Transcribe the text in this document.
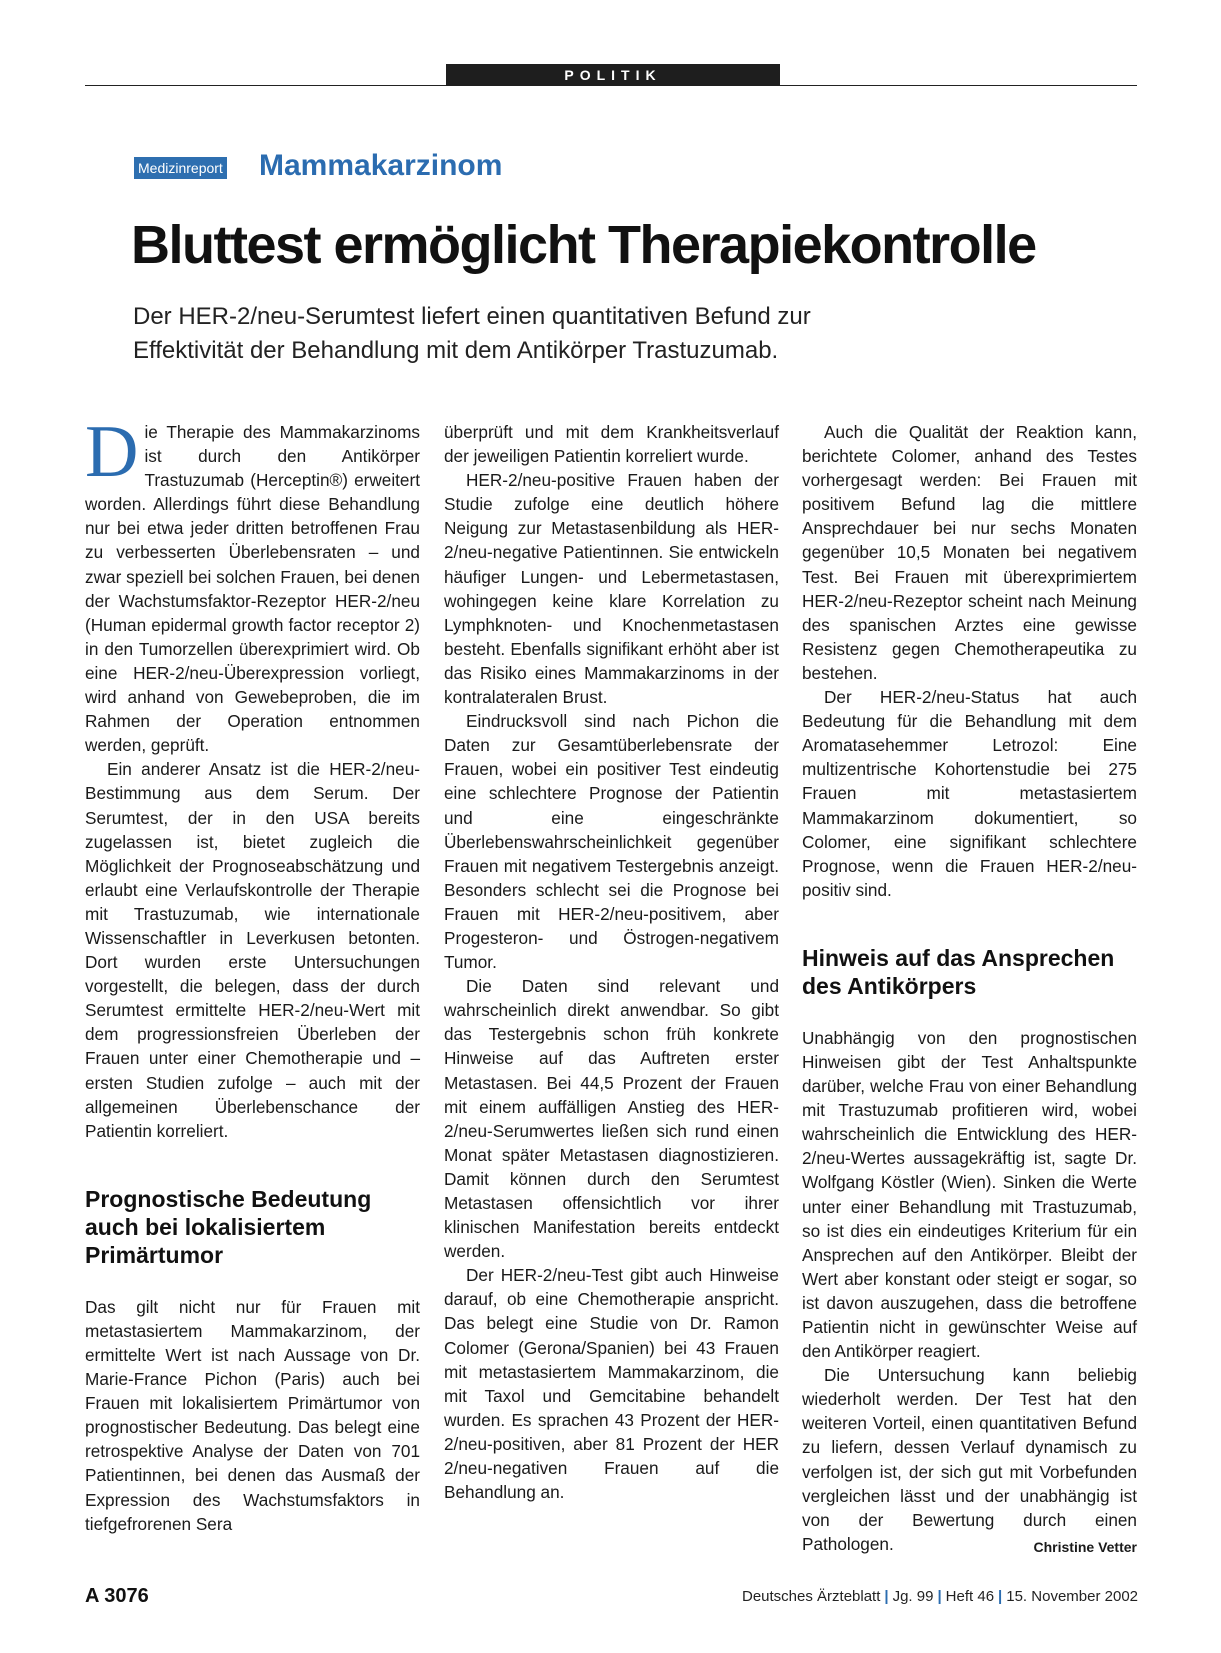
POLITIK
Medizinreport Mammakarzinom
Bluttest ermöglicht Therapiekontrolle
Der HER-2/neu-Serumtest liefert einen quantitativen Befund zur Effektivität der Behandlung mit dem Antikörper Trastuzumab.

Die Therapie des Mammakarzinoms ist durch den Antikörper Trastuzumab (Herceptin®) erweitert worden. Allerdings führt diese Behandlung nur bei etwa jeder dritten betroffenen Frau zu verbesserten Überlebensraten – und zwar speziell bei solchen Frauen, bei denen der Wachstumsfaktor-Rezeptor HER-2/neu (Human epidermal growth factor receptor 2) in den Tumorzellen überexprimiert wird. Ob eine HER-2/neu-Überexpression vorliegt, wird anhand von Gewebeproben, die im Rahmen der Operation entnommen werden, geprüft.

Ein anderer Ansatz ist die HER-2/neu-Bestimmung aus dem Serum. Der Serumtest, der in den USA bereits zugelassen ist, bietet zugleich die Möglichkeit der Prognoseabschätzung und erlaubt eine Verlaufskontrolle der Therapie mit Trastuzumab, wie internationale Wissenschaftler in Leverkusen betonten. Dort wurden erste Untersuchungen vorgestellt, die belegen, dass der durch Serumtest ermittelte HER-2/neu-Wert mit dem progressionsfreien Überleben der Frauen unter einer Chemotherapie und – ersten Studien zufolge – auch mit der allgemeinen Überlebenschance der Patientin korreliert.

Prognostische Bedeutung auch bei lokalisiertem Primärtumor

Das gilt nicht nur für Frauen mit metastasiertem Mammakarzinom, der ermittelte Wert ist nach Aussage von Dr. Marie-France Pichon (Paris) auch bei Frauen mit lokalisiertem Primärtumor von prognostischer Bedeutung. Das belegt eine retrospektive Analyse der Daten von 701 Patientinnen, bei denen das Ausmaß der Expression des Wachstumsfaktors in tiefgefrorenen Sera

überprüft und mit dem Krankheitsverlauf der jeweiligen Patientin korreliert wurde.

HER-2/neu-positive Frauen haben der Studie zufolge eine deutlich höhere Neigung zur Metastasenbildung als HER-2/neu-negative Patientinnen. Sie entwickeln häufiger Lungen- und Lebermetastasen, wohingegen keine klare Korrelation zu Lymphknoten- und Knochenmetastasen besteht. Ebenfalls signifikant erhöht aber ist das Risiko eines Mammakarzinoms in der kontralateralen Brust.

Eindrucksvoll sind nach Pichon die Daten zur Gesamtüberlebensrate der Frauen, wobei ein positiver Test eindeutig eine schlechtere Prognose der Patientin und eine eingeschränkte Überlebenswahrscheinlichkeit gegenüber Frauen mit negativem Testergebnis anzeigt. Besonders schlecht sei die Prognose bei Frauen mit HER-2/neu-positivem, aber Progesteron- und Östrogen-negativem Tumor.

Die Daten sind relevant und wahrscheinlich direkt anwendbar. So gibt das Testergebnis schon früh konkrete Hinweise auf das Auftreten erster Metastasen. Bei 44,5 Prozent der Frauen mit einem auffälligen Anstieg des HER-2/neu-Serumwertes ließen sich rund einen Monat später Metastasen diagnostizieren. Damit können durch den Serumtest Metastasen offensichtlich vor ihrer klinischen Manifestation bereits entdeckt werden.

Der HER-2/neu-Test gibt auch Hinweise darauf, ob eine Chemotherapie anspricht. Das belegt eine Studie von Dr. Ramon Colomer (Gerona/Spanien) bei 43 Frauen mit metastasiertem Mammakarzinom, die mit Taxol und Gemcitabine behandelt wurden. Es sprachen 43 Prozent der HER-2/neu-positiven, aber 81 Prozent der HER 2/neu-negativen Frauen auf die Behandlung an.

Auch die Qualität der Reaktion kann, berichtete Colomer, anhand des Testes vorhergesagt werden: Bei Frauen mit positivem Befund lag die mittlere Ansprechdauer bei nur sechs Monaten gegenüber 10,5 Monaten bei negativem Test. Bei Frauen mit überexprimiertem HER-2/neu-Rezeptor scheint nach Meinung des spanischen Arztes eine gewisse Resistenz gegen Chemotherapeutika zu bestehen.

Der HER-2/neu-Status hat auch Bedeutung für die Behandlung mit dem Aromatasehemmer Letrozol: Eine multizentrische Kohortenstudie bei 275 Frauen mit metastasiertem Mammakarzinom dokumentiert, so Colomer, eine signifikant schlechtere Prognose, wenn die Frauen HER-2/neu-positiv sind.

Hinweis auf das Ansprechen des Antikörpers

Unabhängig von den prognostischen Hinweisen gibt der Test Anhaltspunkte darüber, welche Frau von einer Behandlung mit Trastuzumab profitieren wird, wobei wahrscheinlich die Entwicklung des HER-2/neu-Wertes aussagekräftig ist, sagte Dr. Wolfgang Köstler (Wien). Sinken die Werte unter einer Behandlung mit Trastuzumab, so ist dies ein eindeutiges Kriterium für ein Ansprechen auf den Antikörper. Bleibt der Wert aber konstant oder steigt er sogar, so ist davon auszugehen, dass die betroffene Patientin nicht in gewünschter Weise auf den Antikörper reagiert.

Die Untersuchung kann beliebig wiederholt werden. Der Test hat den weiteren Vorteil, einen quantitativen Befund zu liefern, dessen Verlauf dynamisch zu verfolgen ist, der sich gut mit Vorbefunden vergleichen lässt und der unabhängig ist von der Bewertung durch einen Pathologen.	Christine Vetter

A 3076	Deutsches Ärzteblatt | Jg. 99 | Heft 46 | 15. November 2002
